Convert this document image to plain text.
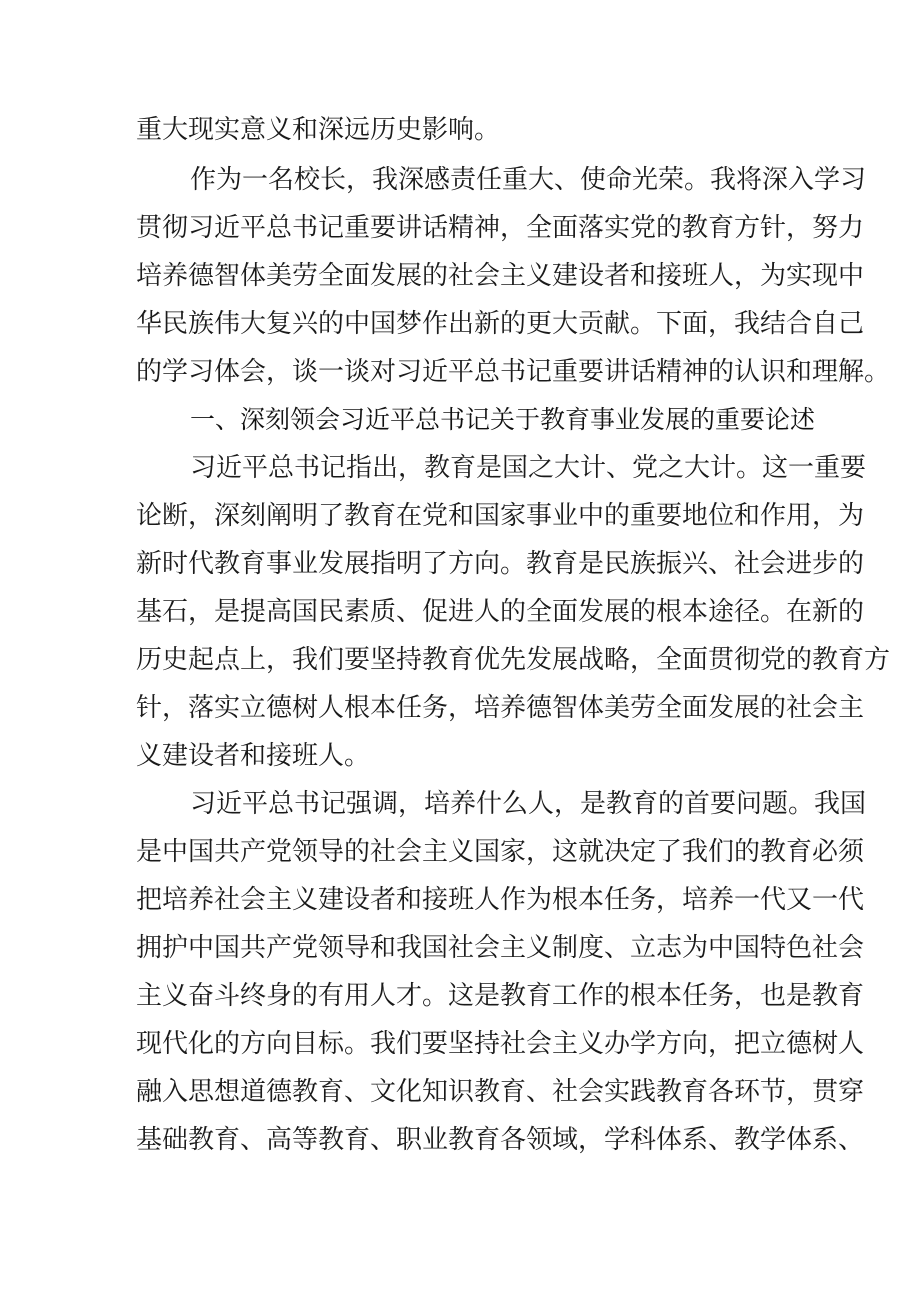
重大现实意义和深远历史影响。
作为一名校长，我深感责任重大、使命光荣。我将深入学习
贯彻习近平总书记重要讲话精神，全面落实党的教育方针，努力
培养德智体美劳全面发展的社会主义建设者和接班人，为实现中
华民族伟大复兴的中国梦作出新的更大贡献。下面，我结合自己
的学习体会，谈一谈对习近平总书记重要讲话精神的认识和理解。
一、深刻领会习近平总书记关于教育事业发展的重要论述
习近平总书记指出，教育是国之大计、党之大计。这一重要
论断，深刻阐明了教育在党和国家事业中的重要地位和作用，为
新时代教育事业发展指明了方向。教育是民族振兴、社会进步的
基石，是提高国民素质、促进人的全面发展的根本途径。在新的
历史起点上，我们要坚持教育优先发展战略，全面贯彻党的教育方
针，落实立德树人根本任务，培养德智体美劳全面发展的社会主
义建设者和接班人。
习近平总书记强调，培养什么人，是教育的首要问题。我国
是中国共产党领导的社会主义国家，这就决定了我们的教育必须
把培养社会主义建设者和接班人作为根本任务，培养一代又一代
拥护中国共产党领导和我国社会主义制度、立志为中国特色社会
主义奋斗终身的有用人才。这是教育工作的根本任务，也是教育
现代化的方向目标。我们要坚持社会主义办学方向，把立德树人
融入思想道德教育、文化知识教育、社会实践教育各环节，贯穿
基础教育、高等教育、职业教育各领域，学科体系、教学体系、
